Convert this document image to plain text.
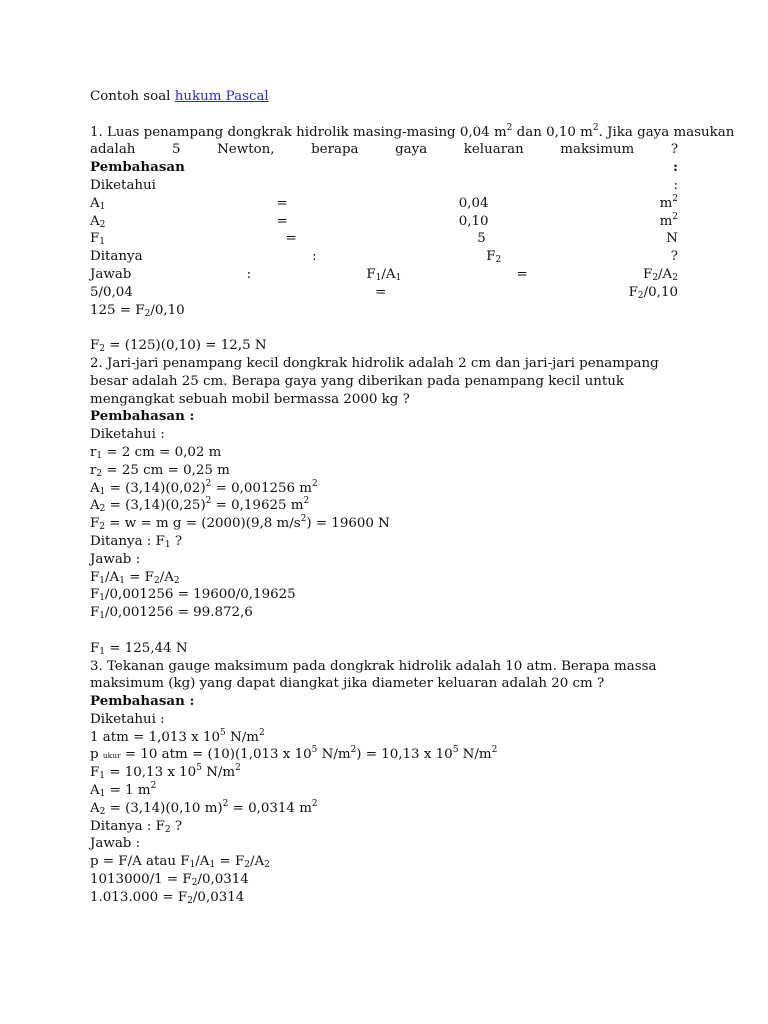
Contoh soal hukum Pascal
1. Luas penampang dongkrak hidrolik masing-masing 0,04 $m^2$ dan 0,10 $m^2$. Jika gaya masukan
adalah	5	Newton,	berapa	gaya	keluaran	maksimum	?
Pembahasan	:
Diketahui	:
$A_1$	=	0,04	$m^2$
$A_2$	=	0,10	$m^2$
$F_1$	=	5	N
Ditanya	:	$F_2$	?
Jawab	:	$F_1/A_1$	=	$F_2/A_2$
5/0,04	=	$F_2/0,10$
$125 = F_2/0,10$
$F_2 = (125)(0,10) = 12,5$ N
2. Jari-jari penampang kecil dongkrak hidrolik adalah 2 cm dan jari-jari penampang besar adalah 25 cm. Berapa gaya yang diberikan pada penampang kecil untuk mengangkat sebuah mobil bermassa 2000 kg ?
Pembahasan :
Diketahui :
$r_1 = 2$ cm = 0,02 m
$r_2 = 25$ cm = 0,25 m
$A_1 = (3,14)(0,02)^2 = 0,001256$ $m^2$
$A_2 = (3,14)(0,25)^2 = 0,19625$ $m^2$
$F_2 = w = m$ g = (2000)(9,8 $m/s^2) = 19600$ N
Ditanya : $F_1$ ?
Jawab :
$F_1/A_1 = F_2/A_2$
$F_1/0,001256 = 19600/0,19625$
$F_1/0,001256 = 99.872,6$
$F_1 = 125,44$ N
3. Tekanan gauge maksimum pada dongkrak hidrolik adalah 10 atm. Berapa massa maksimum (kg) yang dapat diangkat jika diameter keluaran adalah 20 cm ?
Pembahasan :
Diketahui :
1 atm = 1,013 x $10^5$ $N/m^2$
p ukur = 10 atm = (10)(1,013 x $10^5$ $N/m^2) = 10,13$ x $10^5$ $N/m^2$
$F_1 = 10,13$ x $10^5$ $N/m^2$
$A_1 = 1$ $m^2$
$A_2 = (3,14)(0,10$ m)$^2$ = 0,0314 $m^2$
Ditanya : $F_2$ ?
Jawab :
p = F/A atau $F_1/A_1 = F_2/A_2$
$1013000/1 = F_2/0,0314$
$1.013.000 = F_2/0,0314$
